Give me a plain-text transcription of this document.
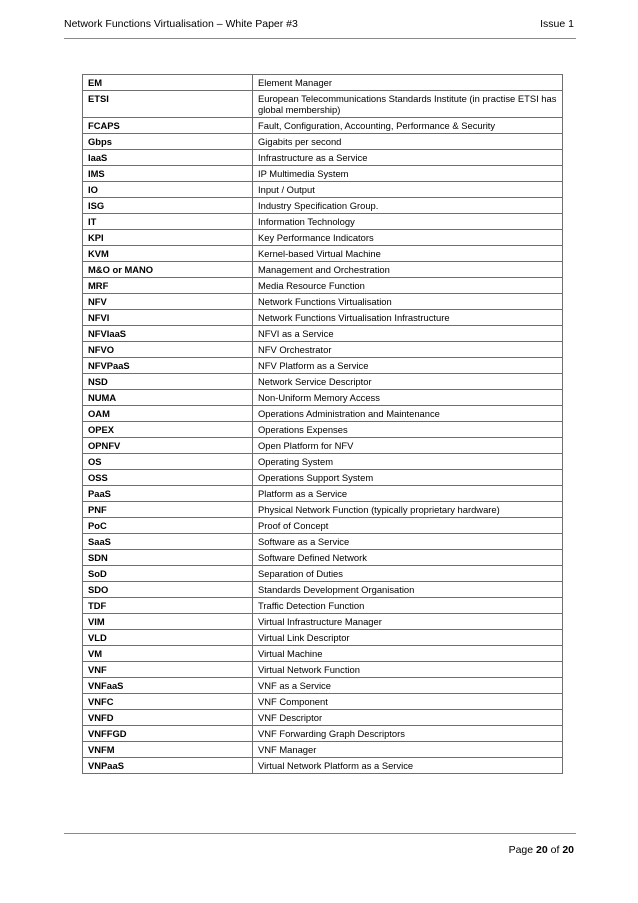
Network Functions Virtualisation – White Paper #3	Issue 1
EM	Element Manager
ETSI	European Telecommunications Standards Institute (in practise ETSI has global membership)
FCAPS	Fault, Configuration, Accounting, Performance & Security
Gbps	Gigabits per second
IaaS	Infrastructure as a Service
IMS	IP Multimedia System
IO	Input / Output
ISG	Industry Specification Group.
IT	Information Technology
KPI	Key Performance Indicators
KVM	Kernel-based Virtual Machine
M&O or MANO	Management and Orchestration
MRF	Media Resource Function
NFV	Network Functions Virtualisation
NFVI	Network Functions Virtualisation Infrastructure
NFVIaaS	NFVI as a Service
NFVO	NFV Orchestrator
NFVPaaS	NFV Platform as a Service
NSD	Network Service Descriptor
NUMA	Non-Uniform Memory Access
OAM	Operations Administration and Maintenance
OPEX	Operations Expenses
OPNFV	Open Platform for NFV
OS	Operating System
OSS	Operations Support System
PaaS	Platform as a Service
PNF	Physical Network Function (typically proprietary hardware)
PoC	Proof of Concept
SaaS	Software as a Service
SDN	Software Defined Network
SoD	Separation of Duties
SDO	Standards Development Organisation
TDF	Traffic Detection Function
VIM	Virtual Infrastructure Manager
VLD	Virtual Link Descriptor
VM	Virtual Machine
VNF	Virtual Network Function
VNFaaS	VNF as a Service
VNFC	VNF Component
VNFD	VNF Descriptor
VNFFGD	VNF Forwarding Graph Descriptors
VNFM	VNF Manager
VNPaaS	Virtual Network Platform as a Service
Page 20 of 20
